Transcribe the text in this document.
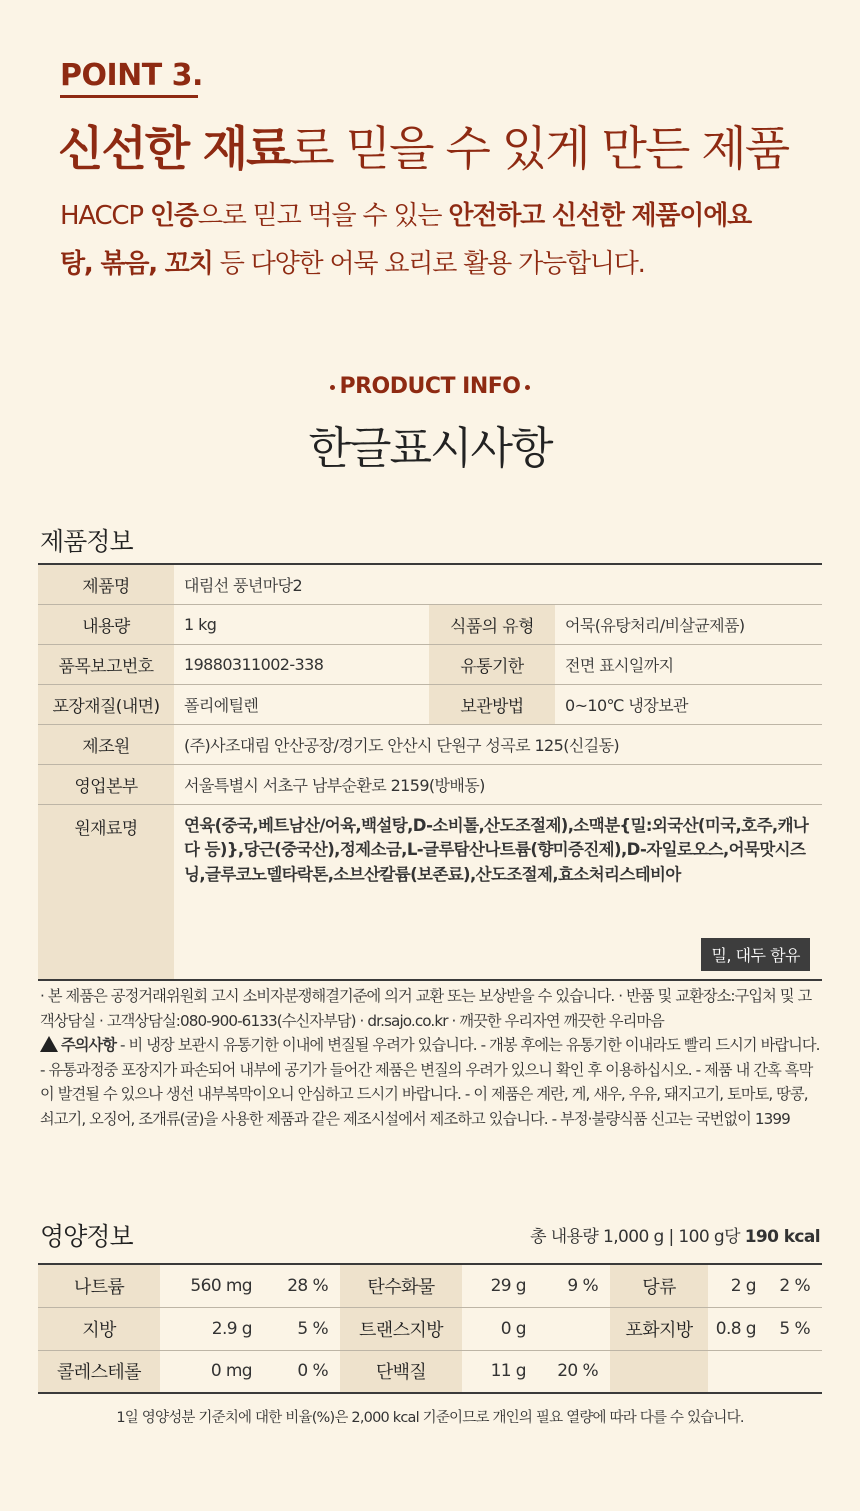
POINT 3.
신선한 재료로 믿을 수 있게 만든 제품
HACCP 인증으로 믿고 먹을 수 있는 안전하고 신선한 제품이에요
탕, 볶음, 꼬치 등 다양한 어묵 요리로 활용 가능합니다.
PRODUCT INFO
한글표시사항
제품정보
제품명	대림선 풍년마당2		
내용량	1 kg	식품의 유형	어묵(유탕처리/비살균제품)
품목보고번호	19880311002-338	유통기한	전면 표시일까지
포장재질(내면)	폴리에틸렌	보관방법	0~10℃ 냉장보관
제조원	(주)사조대림 안산공장/경기도 안산시 단원구 성곡로 125(신길동)		
영업본부	서울특별시 서초구 남부순환로 2159(방배동)		
원재료명	연육(중국,베트남산/어육,백설탕,D-소비톨,산도조절제),소맥분{밀:외국산(미국,호주,캐나다 등)},당근(중국산),정제소금,L-글루탐산나트륨(향미증진제),D-자일로오스,어묵맛시즈닝,글루코노델타락톤,소브산칼륨(보존료),산도조절제,효소처리스테비아
밀, 대두 함유		
· 본 제품은 공정거래위원회 고시 소비자분쟁해결기준에 의거 교환 또는 보상받을 수 있습니다. · 반품 및 교환장소:구입처 및 고객상담실 · 고객상담실:080-900-6133(수신자부담) · dr.sajo.co.kr · 깨끗한 우리자연 깨끗한 우리마음
주의사항 - 비 냉장 보관시 유통기한 이내에 변질될 우려가 있습니다. - 개봉 후에는 유통기한 이내라도 빨리 드시기 바랍니다. - 유통과정중 포장지가 파손되어 내부에 공기가 들어간 제품은 변질의 우려가 있으니 확인 후 이용하십시오. - 제품 내 간혹 흑막이 발견될 수 있으나 생선 내부복막이오니 안심하고 드시기 바랍니다. - 이 제품은 계란, 게, 새우, 우유, 돼지고기, 토마토, 땅콩, 쇠고기, 오징어, 조개류(굴)을 사용한 제품과 같은 제조시설에서 제조하고 있습니다. - 부정·불량식품 신고는 국번없이 1399
영양정보	총 내용량 1,000 g | 100 g당 190 kcal
나트륨	560 mg	28 %	탄수화물	29 g	9 %	당류	2 g	2 %
지방	2.9 g	5 %	트랜스지방	0 g		포화지방	0.8 g	5 %
콜레스테롤	0 mg	0 %	단백질	11 g	20 %			
1일 영양성분 기준치에 대한 비율(%)은 2,000 kcal 기준이므로 개인의 필요 열량에 따라 다를 수 있습니다.
